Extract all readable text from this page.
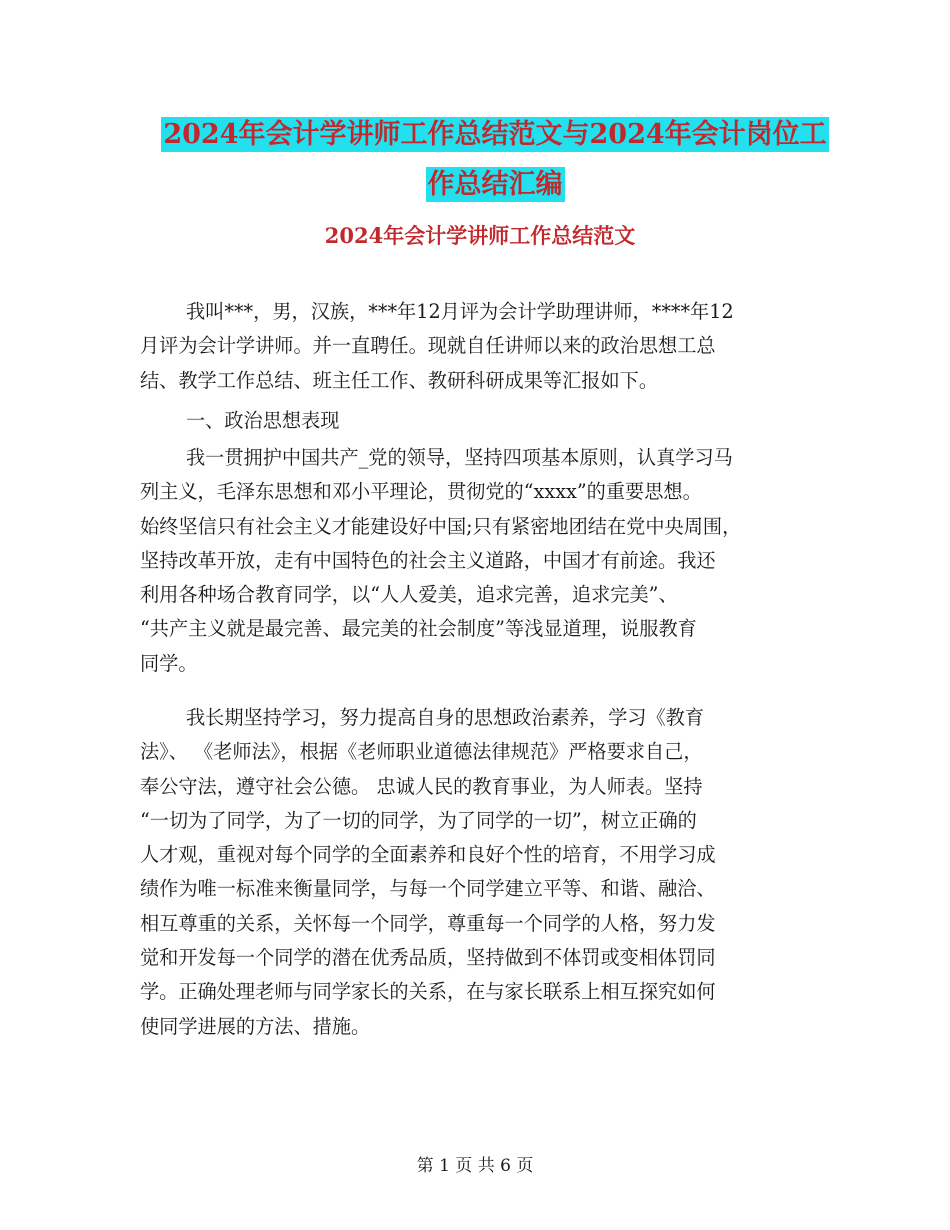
2024年会计学讲师工作总结范文与2024年会计岗位工
作总结汇编
2024年会计学讲师工作总结范文
我叫***，男，汉族，***年12月评为会计学助理讲师，****年12
月评为会计学讲师。并一直聘任。现就自任讲师以来的政治思想工总
结、教学工作总结、班主任工作、教研科研成果等汇报如下。
一、政治思想表现
我一贯拥护中国共产_党的领导，坚持四项基本原则，认真学习马
列主义，毛泽东思想和邓小平理论，贯彻党的“xxxx”的重要思想。
始终坚信只有社会主义才能建设好中国;只有紧密地团结在党中央周围，
坚持改革开放，走有中国特色的社会主义道路，中国才有前途。我还
利用各种场合教育同学，以“人人爱美，追求完善，追求完美”、
“共产主义就是最完善、最完美的社会制度”等浅显道理，说服教育
同学。
我长期坚持学习，努力提高自身的思想政治素养，学习《教育
法》、 《老师法》，根据《老师职业道德法律规范》严格要求自己，
奉公守法，遵守社会公德。 忠诚人民的教育事业，为人师表。坚持
“一切为了同学，为了一切的同学，为了同学的一切”，树立正确的
人才观，重视对每个同学的全面素养和良好个性的培育，不用学习成
绩作为唯一标准来衡量同学，与每一个同学建立平等、和谐、融洽、
相互尊重的关系，关怀每一个同学，尊重每一个同学的人格，努力发
觉和开发每一个同学的潜在优秀品质，坚持做到不体罚或变相体罚同
学。正确处理老师与同学家长的关系，在与家长联系上相互探究如何
使同学进展的方法、措施。
第 1 页 共 6 页
